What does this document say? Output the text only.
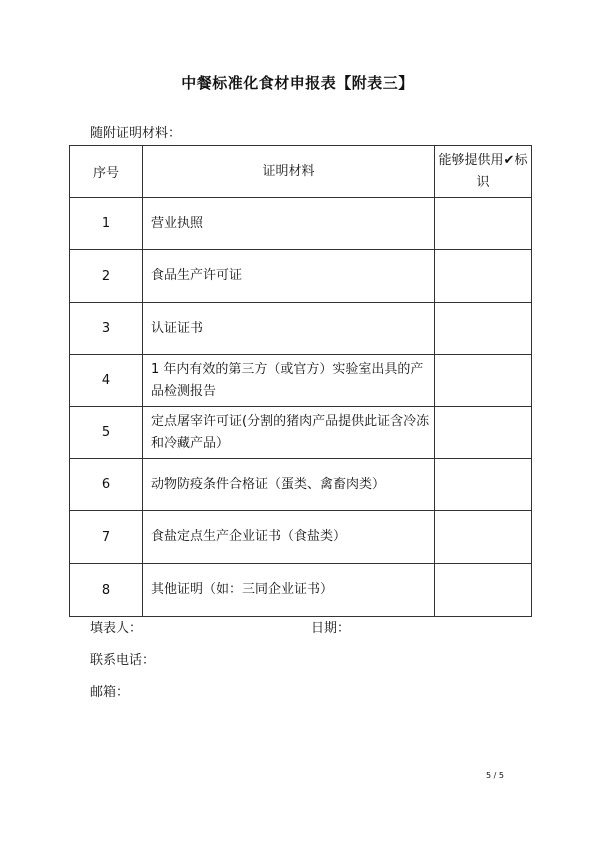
中餐标准化食材申报表【附表三】
随附证明材料：
序号	证明材料	能够提供用✔标识
1	营业执照	
2	食品生产许可证	
3	认证证书	
4	1 年内有效的第三方（或官方）实验室出具的产品检测报告	
5	定点屠宰许可证(分割的猪肉产品提供此证含冷冻和冷藏产品）	
6	动物防疫条件合格证（蛋类、禽畜肉类）	
7	食盐定点生产企业证书（食盐类）	
8	其他证明（如：三同企业证书）	
填表人：	日期：
联系电话：
邮箱：
5 / 5
